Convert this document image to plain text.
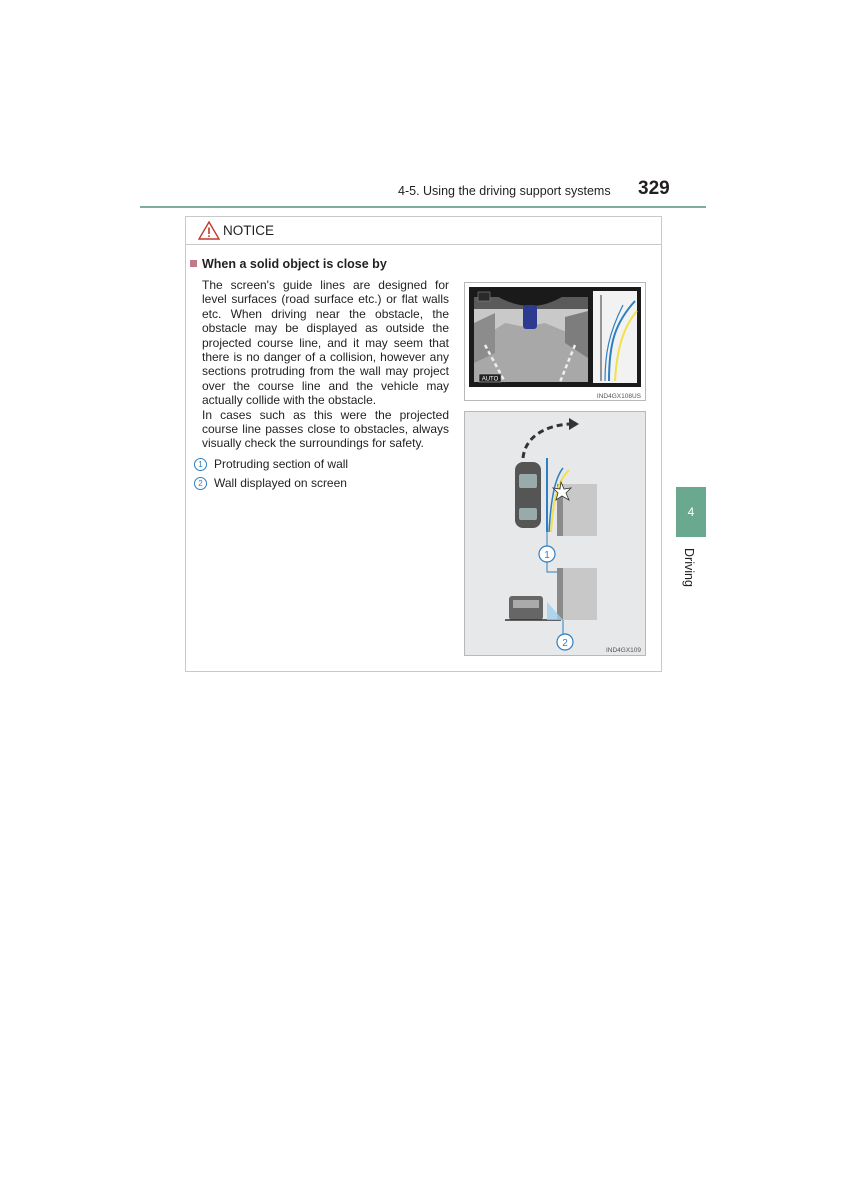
4-5. Using the driving support systems 329
NOTICE
When a solid object is close by

The screen's guide lines are designed for level surfaces (road surface etc.) or flat walls etc. When driving near the obstacle, the obstacle may be displayed as outside the projected course line, and it may seem that there is no danger of a collision, however any sections protruding from the wall may project over the course line and the vehicle may actually collide with the obstacle.

In cases such as this were the projected course line passes close to obstacles, always visually check the surroundings for safety.

1 Protruding section of wall
2 Wall displayed on screen
AUTO
IND4GX108US
1
2
IND4GX109
4
Driving
